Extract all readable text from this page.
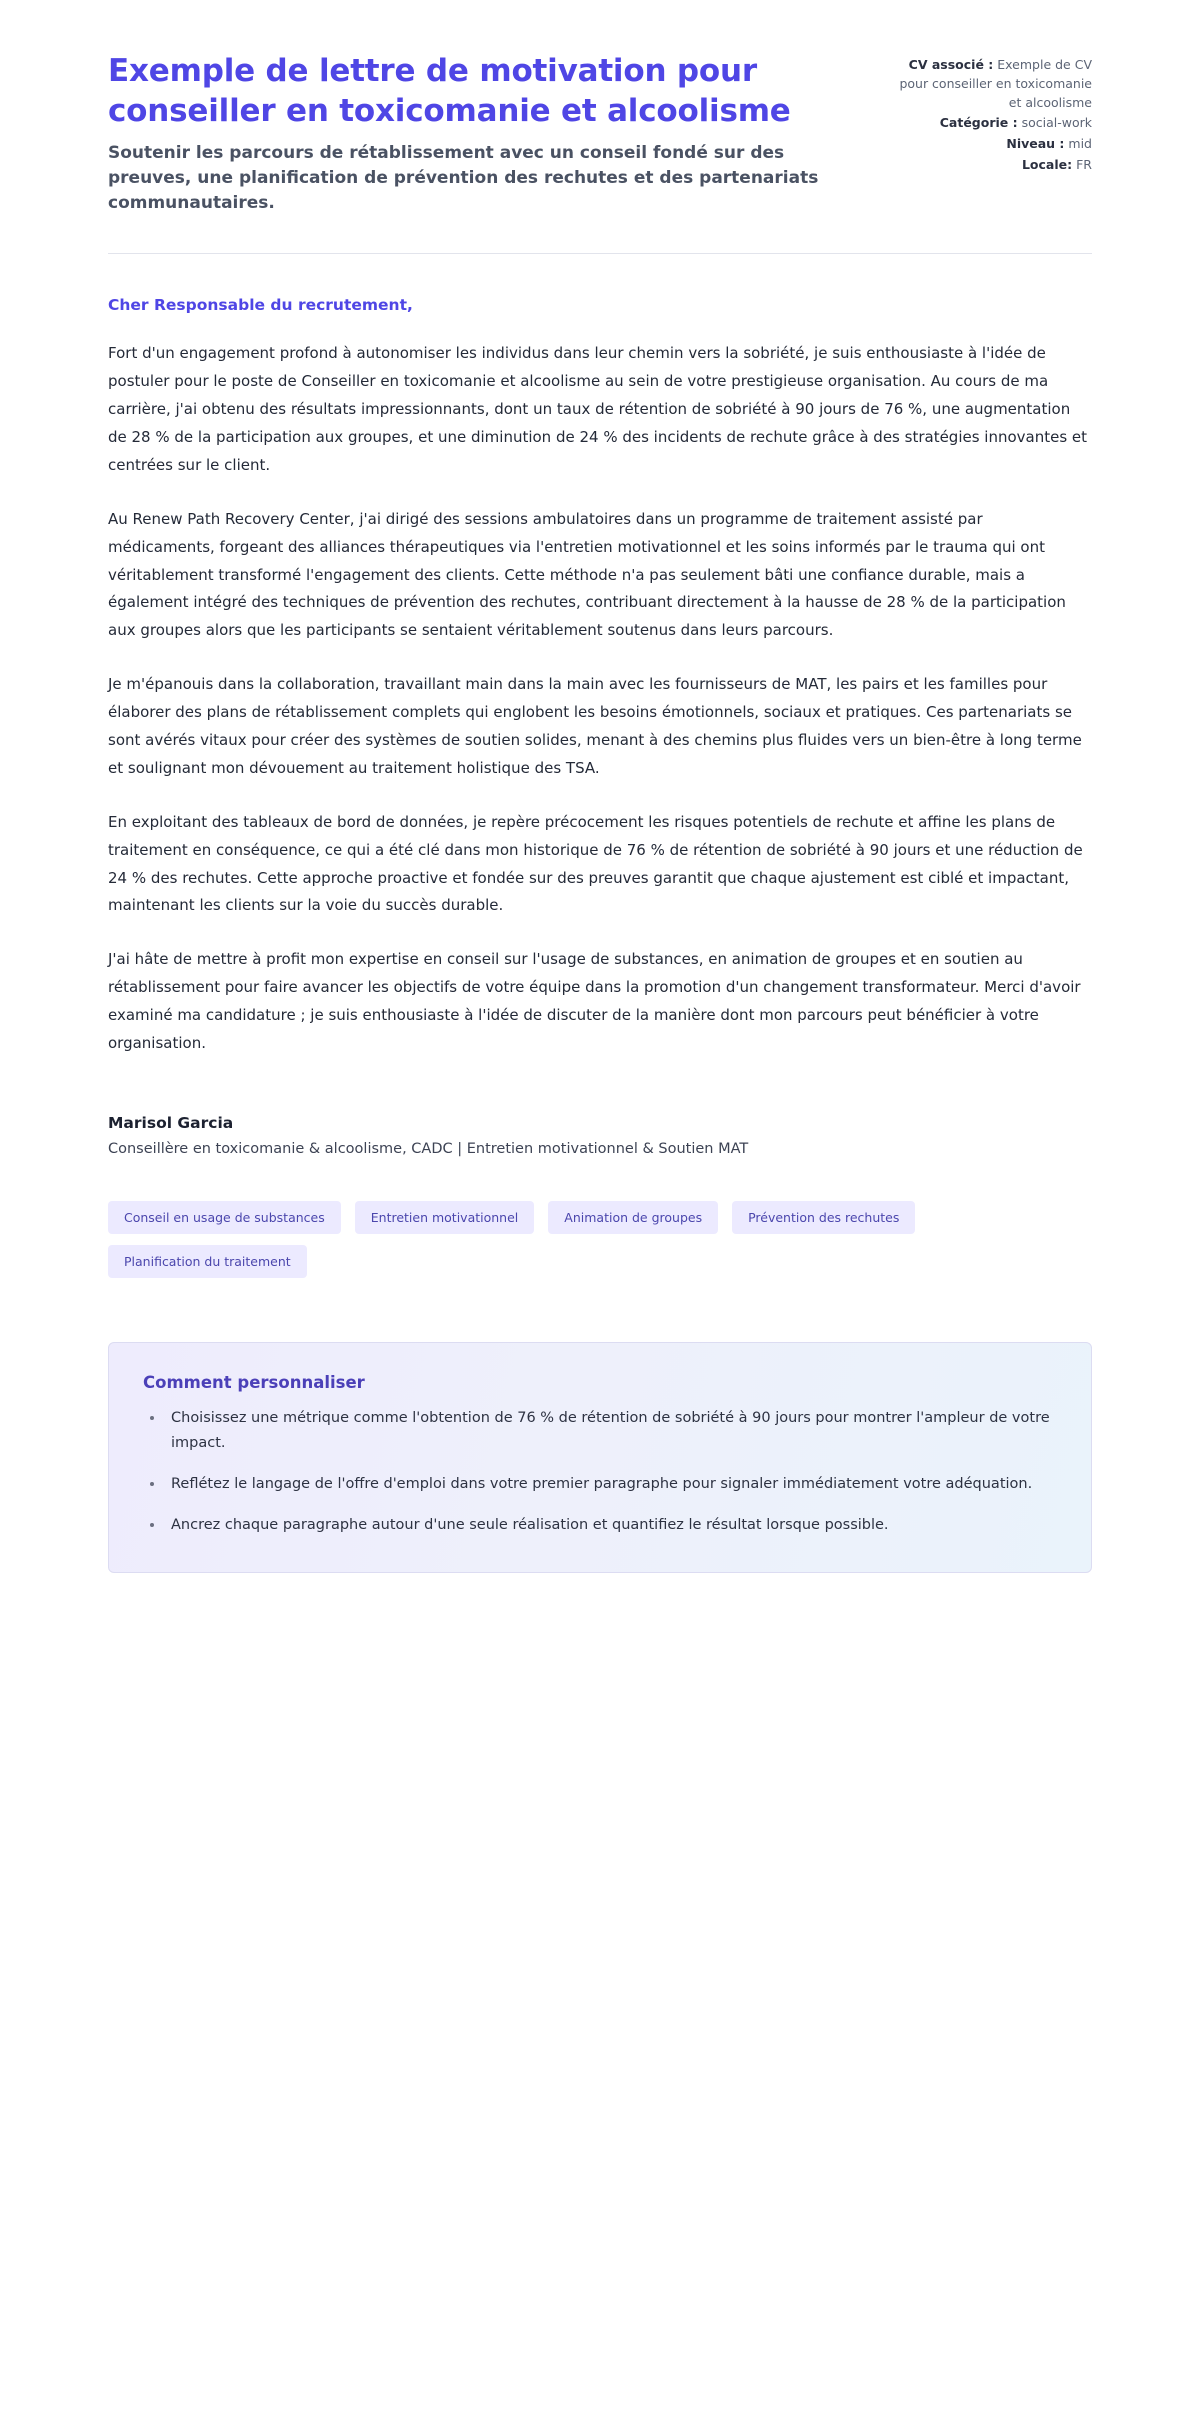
Exemple de lettre de motivation pour conseiller en toxicomanie et alcoolisme

Soutenir les parcours de rétablissement avec un conseil fondé sur des preuves, une planification de prévention des rechutes et des partenariats communautaires.

CV associé : Exemple de CV pour conseiller en toxicomanie et alcoolisme
Catégorie : social-work
Niveau : mid
Locale: FR

Cher Responsable du recrutement,

Fort d'un engagement profond à autonomiser les individus dans leur chemin vers la sobriété, je suis enthousiaste à l'idée de postuler pour le poste de Conseiller en toxicomanie et alcoolisme au sein de votre prestigieuse organisation. Au cours de ma carrière, j'ai obtenu des résultats impressionnants, dont un taux de rétention de sobriété à 90 jours de 76 %, une augmentation de 28 % de la participation aux groupes, et une diminution de 24 % des incidents de rechute grâce à des stratégies innovantes et centrées sur le client.

Au Renew Path Recovery Center, j'ai dirigé des sessions ambulatoires dans un programme de traitement assisté par médicaments, forgeant des alliances thérapeutiques via l'entretien motivationnel et les soins informés par le trauma qui ont véritablement transformé l'engagement des clients. Cette méthode n'a pas seulement bâti une confiance durable, mais a également intégré des techniques de prévention des rechutes, contribuant directement à la hausse de 28 % de la participation aux groupes alors que les participants se sentaient véritablement soutenus dans leurs parcours.

Je m'épanouis dans la collaboration, travaillant main dans la main avec les fournisseurs de MAT, les pairs et les familles pour élaborer des plans de rétablissement complets qui englobent les besoins émotionnels, sociaux et pratiques. Ces partenariats se sont avérés vitaux pour créer des systèmes de soutien solides, menant à des chemins plus fluides vers un bien-être à long terme et soulignant mon dévouement au traitement holistique des TSA.

En exploitant des tableaux de bord de données, je repère précocement les risques potentiels de rechute et affine les plans de traitement en conséquence, ce qui a été clé dans mon historique de 76 % de rétention de sobriété à 90 jours et une réduction de 24 % des rechutes. Cette approche proactive et fondée sur des preuves garantit que chaque ajustement est ciblé et impactant, maintenant les clients sur la voie du succès durable.

J'ai hâte de mettre à profit mon expertise en conseil sur l'usage de substances, en animation de groupes et en soutien au rétablissement pour faire avancer les objectifs de votre équipe dans la promotion d'un changement transformateur. Merci d'avoir examiné ma candidature ; je suis enthousiaste à l'idée de discuter de la manière dont mon parcours peut bénéficier à votre organisation.

Marisol Garcia

Conseillère en toxicomanie & alcoolisme, CADC | Entretien motivationnel & Soutien MAT

Conseil en usage de substances	Entretien motivationnel	Animation de groupes	Prévention des rechutes
Planification du traitement

Comment personnaliser

• Choisissez une métrique comme l'obtention de 76 % de rétention de sobriété à 90 jours pour montrer l'ampleur de votre impact.
• Reflétez le langage de l'offre d'emploi dans votre premier paragraphe pour signaler immédiatement votre adéquation.
• Ancrez chaque paragraphe autour d'une seule réalisation et quantifiez le résultat lorsque possible.
